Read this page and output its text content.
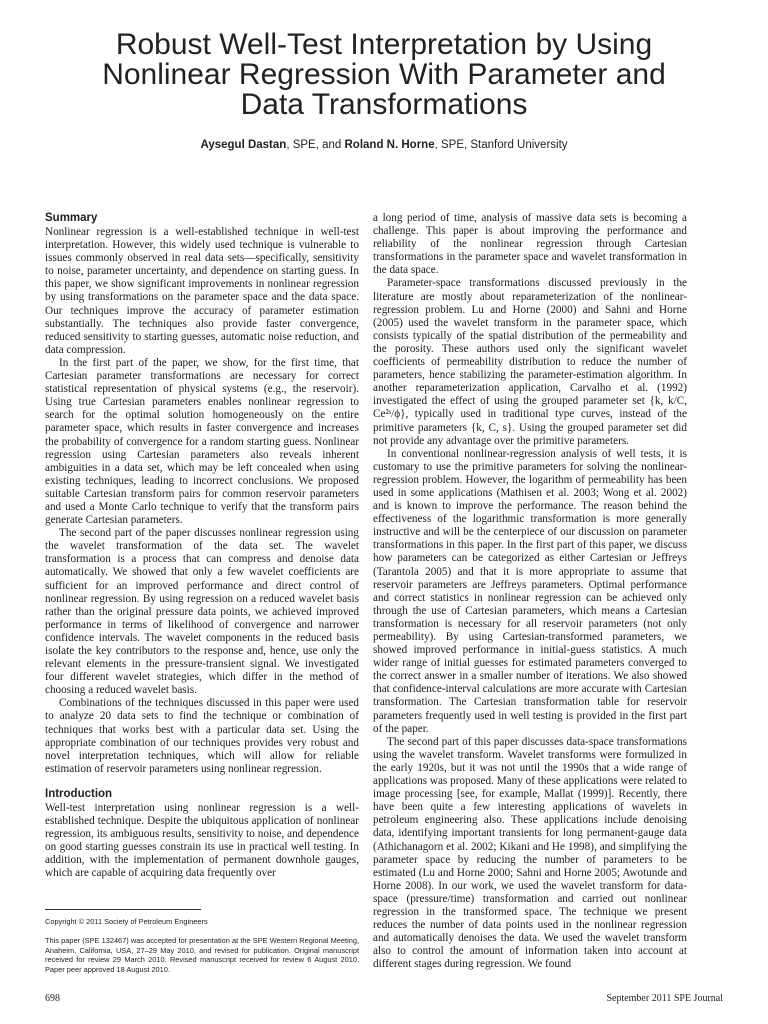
Robust Well-Test Interpretation by Using
Nonlinear Regression With Parameter and
Data Transformations
Aysegul Dastan, SPE, and Roland N. Horne, SPE, Stanford University
Summary

Nonlinear regression is a well-established technique in well-test interpretation. However, this widely used technique is vulnerable to issues commonly observed in real data sets—specifically, sensitivity to noise, parameter uncertainty, and dependence on starting guess. In this paper, we show significant improvements in nonlinear regression by using transformations on the parameter space and the data space. Our techniques improve the accuracy of parameter estimation substantially. The techniques also provide faster convergence, reduced sensitivity to starting guesses, automatic noise reduction, and data compression.

In the first part of the paper, we show, for the first time, that Cartesian parameter transformations are necessary for correct statistical representation of physical systems (e.g., the reservoir). Using true Cartesian parameters enables nonlinear regression to search for the optimal solution homogeneously on the entire parameter space, which results in faster convergence and increases the probability of convergence for a random starting guess. Nonlinear regression using Cartesian parameters also reveals inherent ambiguities in a data set, which may be left concealed when using existing techniques, leading to incorrect conclusions. We proposed suitable Cartesian transform pairs for common reservoir parameters and used a Monte Carlo technique to verify that the transform pairs generate Cartesian parameters.

The second part of the paper discusses nonlinear regression using the wavelet transformation of the data set. The wavelet transformation is a process that can compress and denoise data automatically. We showed that only a few wavelet coefficients are sufficient for an improved performance and direct control of nonlinear regression. By using regression on a reduced wavelet basis rather than the original pressure data points, we achieved improved performance in terms of likelihood of convergence and narrower confidence intervals. The wavelet components in the reduced basis isolate the key contributors to the response and, hence, use only the relevant elements in the pressure-transient signal. We investigated four different wavelet strategies, which differ in the method of choosing a reduced wavelet basis.

Combinations of the techniques discussed in this paper were used to analyze 20 data sets to find the technique or combination of techniques that works best with a particular data set. Using the appropriate combination of our techniques provides very robust and novel interpretation techniques, which will allow for reliable estimation of reservoir parameters using nonlinear regression.

Introduction

Well-test interpretation using nonlinear regression is a well-established technique. Despite the ubiquitous application of nonlinear regression, its ambiguous results, sensitivity to noise, and dependence on good starting guesses constrain its use in practical well testing. In addition, with the implementation of permanent downhole gauges, which are capable of acquiring data frequently over

a long period of time, analysis of massive data sets is becoming a challenge. This paper is about improving the performance and reliability of the nonlinear regression through Cartesian transformations in the parameter space and wavelet transformation in the data space.

Parameter-space transformations discussed previously in the literature are mostly about reparameterization of the nonlinear-regression problem. Lu and Horne (2000) and Sahni and Horne (2005) used the wavelet transform in the parameter space, which consists typically of the spatial distribution of the permeability and the porosity. These authors used only the significant wavelet coefficients of permeability distribution to reduce the number of parameters, hence stabilizing the parameter-estimation algorithm. In another reparameterization application, Carvalho et al. (1992) investigated the effect of using the grouped parameter set {k, k/C, Ce²ˢ/ϕ}, typically used in traditional type curves, instead of the primitive parameters {k, C, s}. Using the grouped parameter set did not provide any advantage over the primitive parameters.

In conventional nonlinear-regression analysis of well tests, it is customary to use the primitive parameters for solving the nonlinear-regression problem. However, the logarithm of permeability has been used in some applications (Mathisen et al. 2003; Wong et al. 2002) and is known to improve the performance. The reason behind the effectiveness of the logarithmic transformation is more generally instructive and will be the centerpiece of our discussion on parameter transformations in this paper. In the first part of this paper, we discuss how parameters can be categorized as either Cartesian or Jeffreys (Tarantola 2005) and that it is more appropriate to assume that reservoir parameters are Jeffreys parameters. Optimal performance and correct statistics in nonlinear regression can be achieved only through the use of Cartesian parameters, which means a Cartesian transformation is necessary for all reservoir parameters (not only permeability). By using Cartesian-transformed parameters, we showed improved performance in initial-guess statistics. A much wider range of initial guesses for estimated parameters converged to the correct answer in a smaller number of iterations. We also showed that confidence-interval calculations are more accurate with Cartesian transformation. The Cartesian transformation table for reservoir parameters frequently used in well testing is provided in the first part of the paper.

The second part of this paper discusses data-space transformations using the wavelet transform. Wavelet transforms were formulized in the early 1920s, but it was not until the 1990s that a wide range of applications was proposed. Many of these applications were related to image processing [see, for example, Mallat (1999)]. Recently, there have been quite a few interesting applications of wavelets in petroleum engineering also. These applications include denoising data, identifying important transients for long permanent-gauge data (Athichanagorn et al. 2002; Kikani and He 1998), and simplifying the parameter space by reducing the number of parameters to be estimated (Lu and Horne 2000; Sahni and Horne 2005; Awotunde and Horne 2008). In our work, we used the wavelet transform for data-space (pressure/time) transformation and carried out nonlinear regression in the transformed space. The technique we present reduces the number of data points used in the nonlinear regression and automatically denoises the data. We used the wavelet transform also to control the amount of information taken into account at different stages during regression. We found

Copyright © 2011 Society of Petroleum Engineers
This paper (SPE 132467) was accepted for presentation at the SPE Western Regional Meeting, Anaheim, California, USA, 27–29 May 2010, and revised for publication. Original manuscript received for review 29 March 2010. Revised manuscript received for review 6 August 2010. Paper peer approved 18 August 2010.
698	September 2011 SPE Journal
